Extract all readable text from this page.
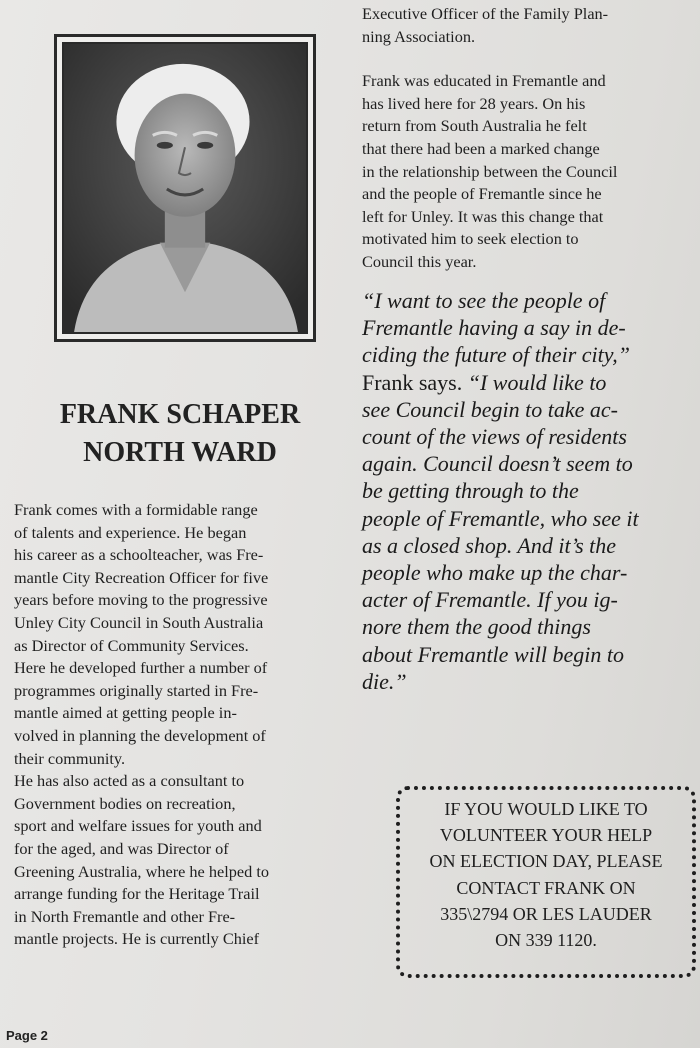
FRANK SCHAPER
NORTH WARD
Frank comes with a formidable range
of talents and experience. He began
his career as a schoolteacher, was Fre-
mantle City Recreation Officer for five
years before moving to the progressive
Unley City Council in South Australia
as Director of Community Services.
Here he developed further a number of
programmes originally started in Fre-
mantle aimed at getting people in-
volved in planning the development of
their community.
He has also acted as a consultant to
Government bodies on recreation,
sport and welfare issues for youth and
for the aged, and was Director of
Greening Australia, where he helped to
arrange funding for the Heritage Trail
in North Fremantle and other Fre-
mantle projects. He is currently Chief
Executive Officer of the Family Plan-
ning Association.
Frank was educated in Fremantle and
has lived here for 28 years. On his
return from South Australia he felt
that there had been a marked change
in the relationship between the Council
and the people of Fremantle since he
left for Unley. It was this change that
motivated him to seek election to
Council this year.
“I want to see the people of
Fremantle having a say in de-
ciding the future of their city,”
Frank says. “I would like to
see Council begin to take ac-
count of the views of residents
again. Council doesn’t seem to
be getting through to the
people of Fremantle, who see it
as a closed shop. And it’s the
people who make up the char-
acter of Fremantle. If you ig-
nore them the good things
about Fremantle will begin to
die.”
IF YOU WOULD LIKE TO
VOLUNTEER YOUR HELP
ON ELECTION DAY, PLEASE
CONTACT FRANK ON
335\2794 OR LES LAUDER
ON 339 1120.
Page 2
